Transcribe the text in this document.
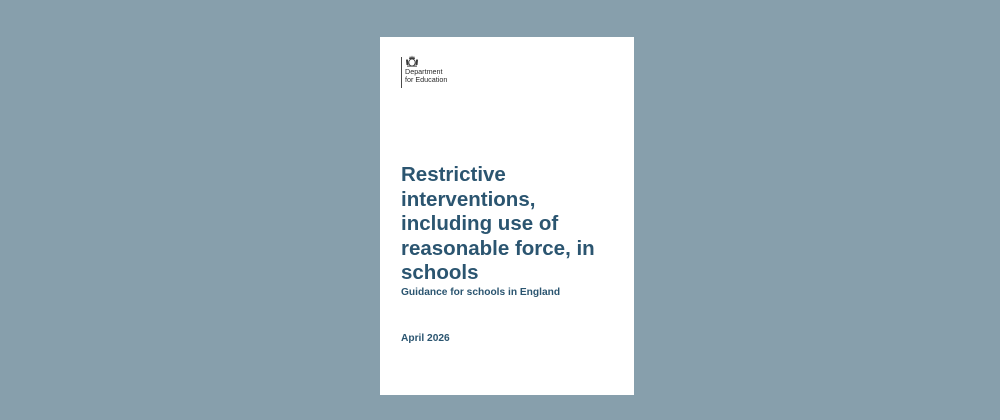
Department
for Education
Restrictive
interventions,
including use of
reasonable force, in
schools

Guidance for schools in England

April 2026
